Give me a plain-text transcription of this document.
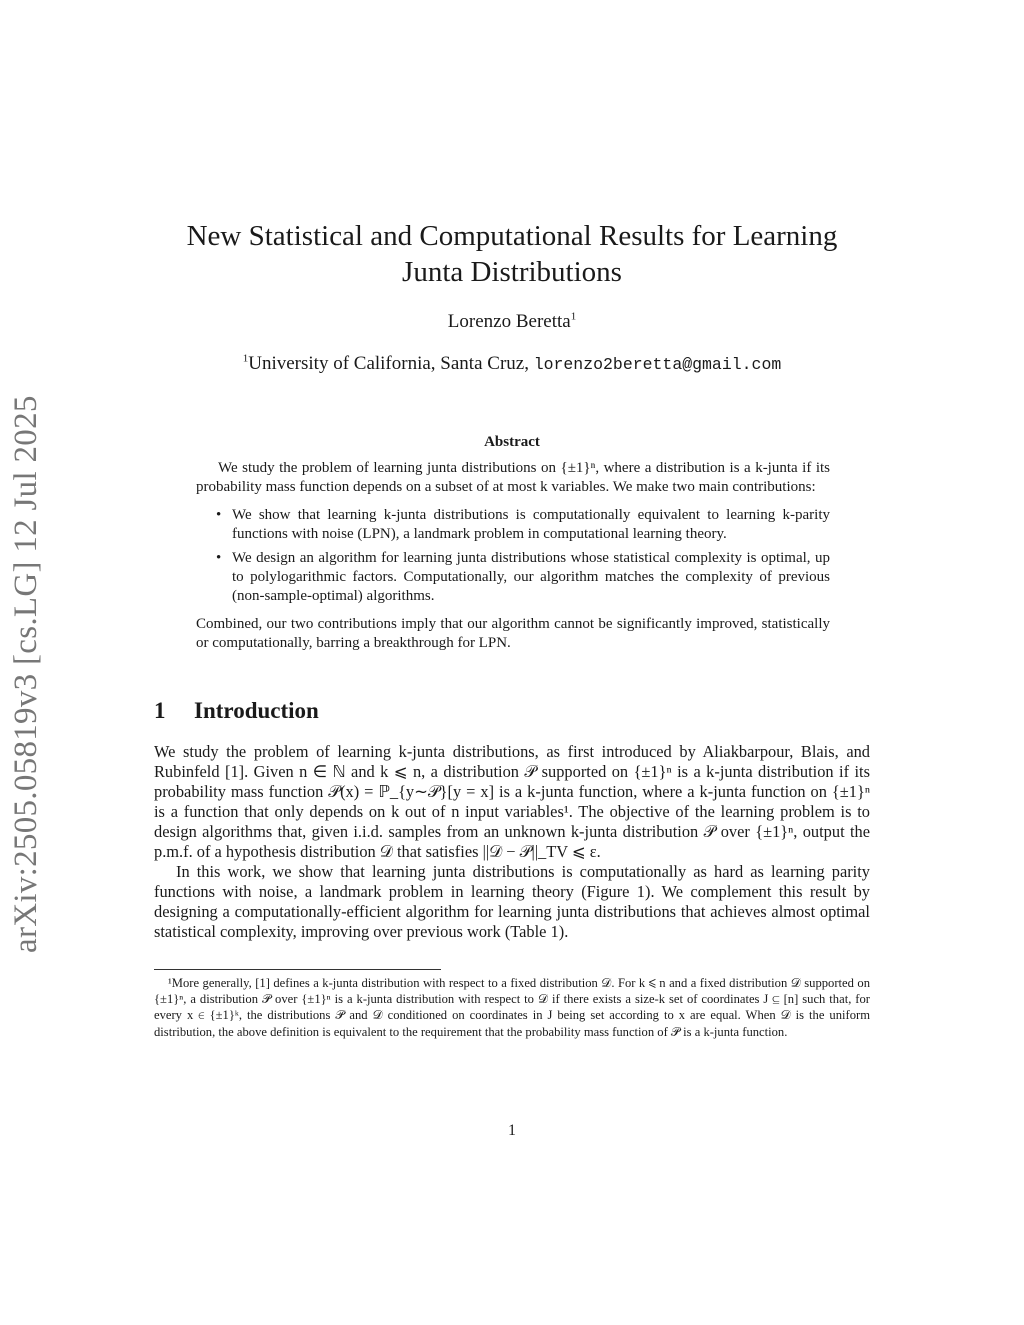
arXiv:2505.05819v3 [cs.LG] 12 Jul 2025
New Statistical and Computational Results for Learning
Junta Distributions
Lorenzo Beretta$^1$
$^1$University of California, Santa Cruz, lorenzo2beretta@gmail.com
Abstract

We study the problem of learning junta distributions on {±1}ⁿ, where a distribution is a k-junta if its probability mass function depends on a subset of at most k variables. We make two main contributions:

• We show that learning k-junta distributions is computationally equivalent to learning k-parity functions with noise (LPN), a landmark problem in computational learning theory.
• We design an algorithm for learning junta distributions whose statistical complexity is optimal, up to polylogarithmic factors. Computationally, our algorithm matches the complexity of previous (non-sample-optimal) algorithms.

Combined, our two contributions imply that our algorithm cannot be significantly improved, statistically or computationally, barring a breakthrough for LPN.

1 Introduction

We study the problem of learning k-junta distributions, as first introduced by Aliakbarpour, Blais, and Rubinfeld [1]. Given n ∈ ℕ and k ⩽ n, a distribution 𝒫 supported on {±1}ⁿ is a k-junta distribution if its probability mass function 𝒫(x) = ℙ_{y∼𝒫}[y = x] is a k-junta function, where a k-junta function on {±1}ⁿ is a function that only depends on k out of n input variables¹. The objective of the learning problem is to design algorithms that, given i.i.d. samples from an unknown k-junta distribution 𝒫 over {±1}ⁿ, output the p.m.f. of a hypothesis distribution 𝒟 that satisfies ||𝒟 − 𝒫||_TV ⩽ ε.

In this work, we show that learning junta distributions is computationally as hard as learning parity functions with noise, a landmark problem in learning theory (Figure 1). We complement this result by designing a computationally-efficient algorithm for learning junta distributions that achieves almost optimal statistical complexity, improving over previous work (Table 1).

¹More generally, [1] defines a k-junta distribution with respect to a fixed distribution 𝒟. For k ⩽ n and a fixed distribution 𝒟 supported on {±1}ⁿ, a distribution 𝒫 over {±1}ⁿ is a k-junta distribution with respect to 𝒟 if there exists a size-k set of coordinates J ⊆ [n] such that, for every x ∈ {±1}ᵏ, the distributions 𝒫 and 𝒟 conditioned on coordinates in J being set according to x are equal. When 𝒟 is the uniform distribution, the above definition is equivalent to the requirement that the probability mass function of 𝒫 is a k-junta function.

1
